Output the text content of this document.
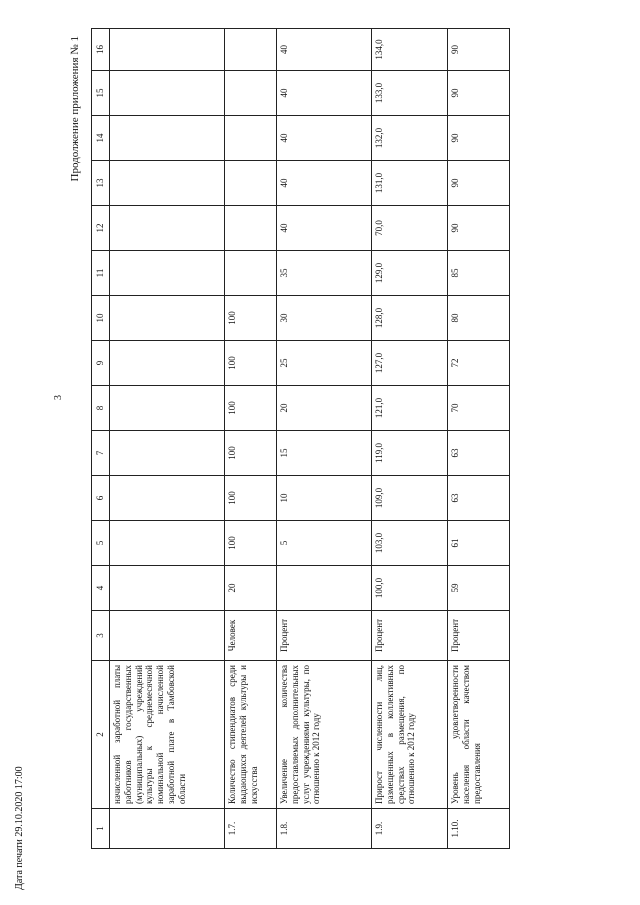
3
Продолжение приложения № 1
1	2	3	4	5	6	7	8	9	10	11	12	13	14	15	16
	начисленной заработной платы работников государственных (муниципальных) учреждений культуры к среднемесячной номинальной начисленной заработной плате в Тамбовской области														
1.7.	Количество стипендиатов среди выдающихся деятелей культуры и искусства	Человек	20	100	100	100	100	100	100						
1.8.	Увеличение количества предоставляемых дополнительных услуг учреждениями культуры, по отношению к 2012 году	Процент		5	10	15	20	25	30	35	40	40	40	40	40
1.9.	Прирост численности лиц, размещенных в коллективных средствах размещения, по отношению к 2012 году	Процент	100,0	103,0	109,0	119,0	121,0	127,0	128,0	129,0	70,0	131,0	132,0	133,0	134,0
1.10.	Уровень удовлетворенности населения области качеством предоставления	Процент	59	61	63	63	70	72	80	85	90	90	90	90	90
Дата печати 29.10.2020 17:00
